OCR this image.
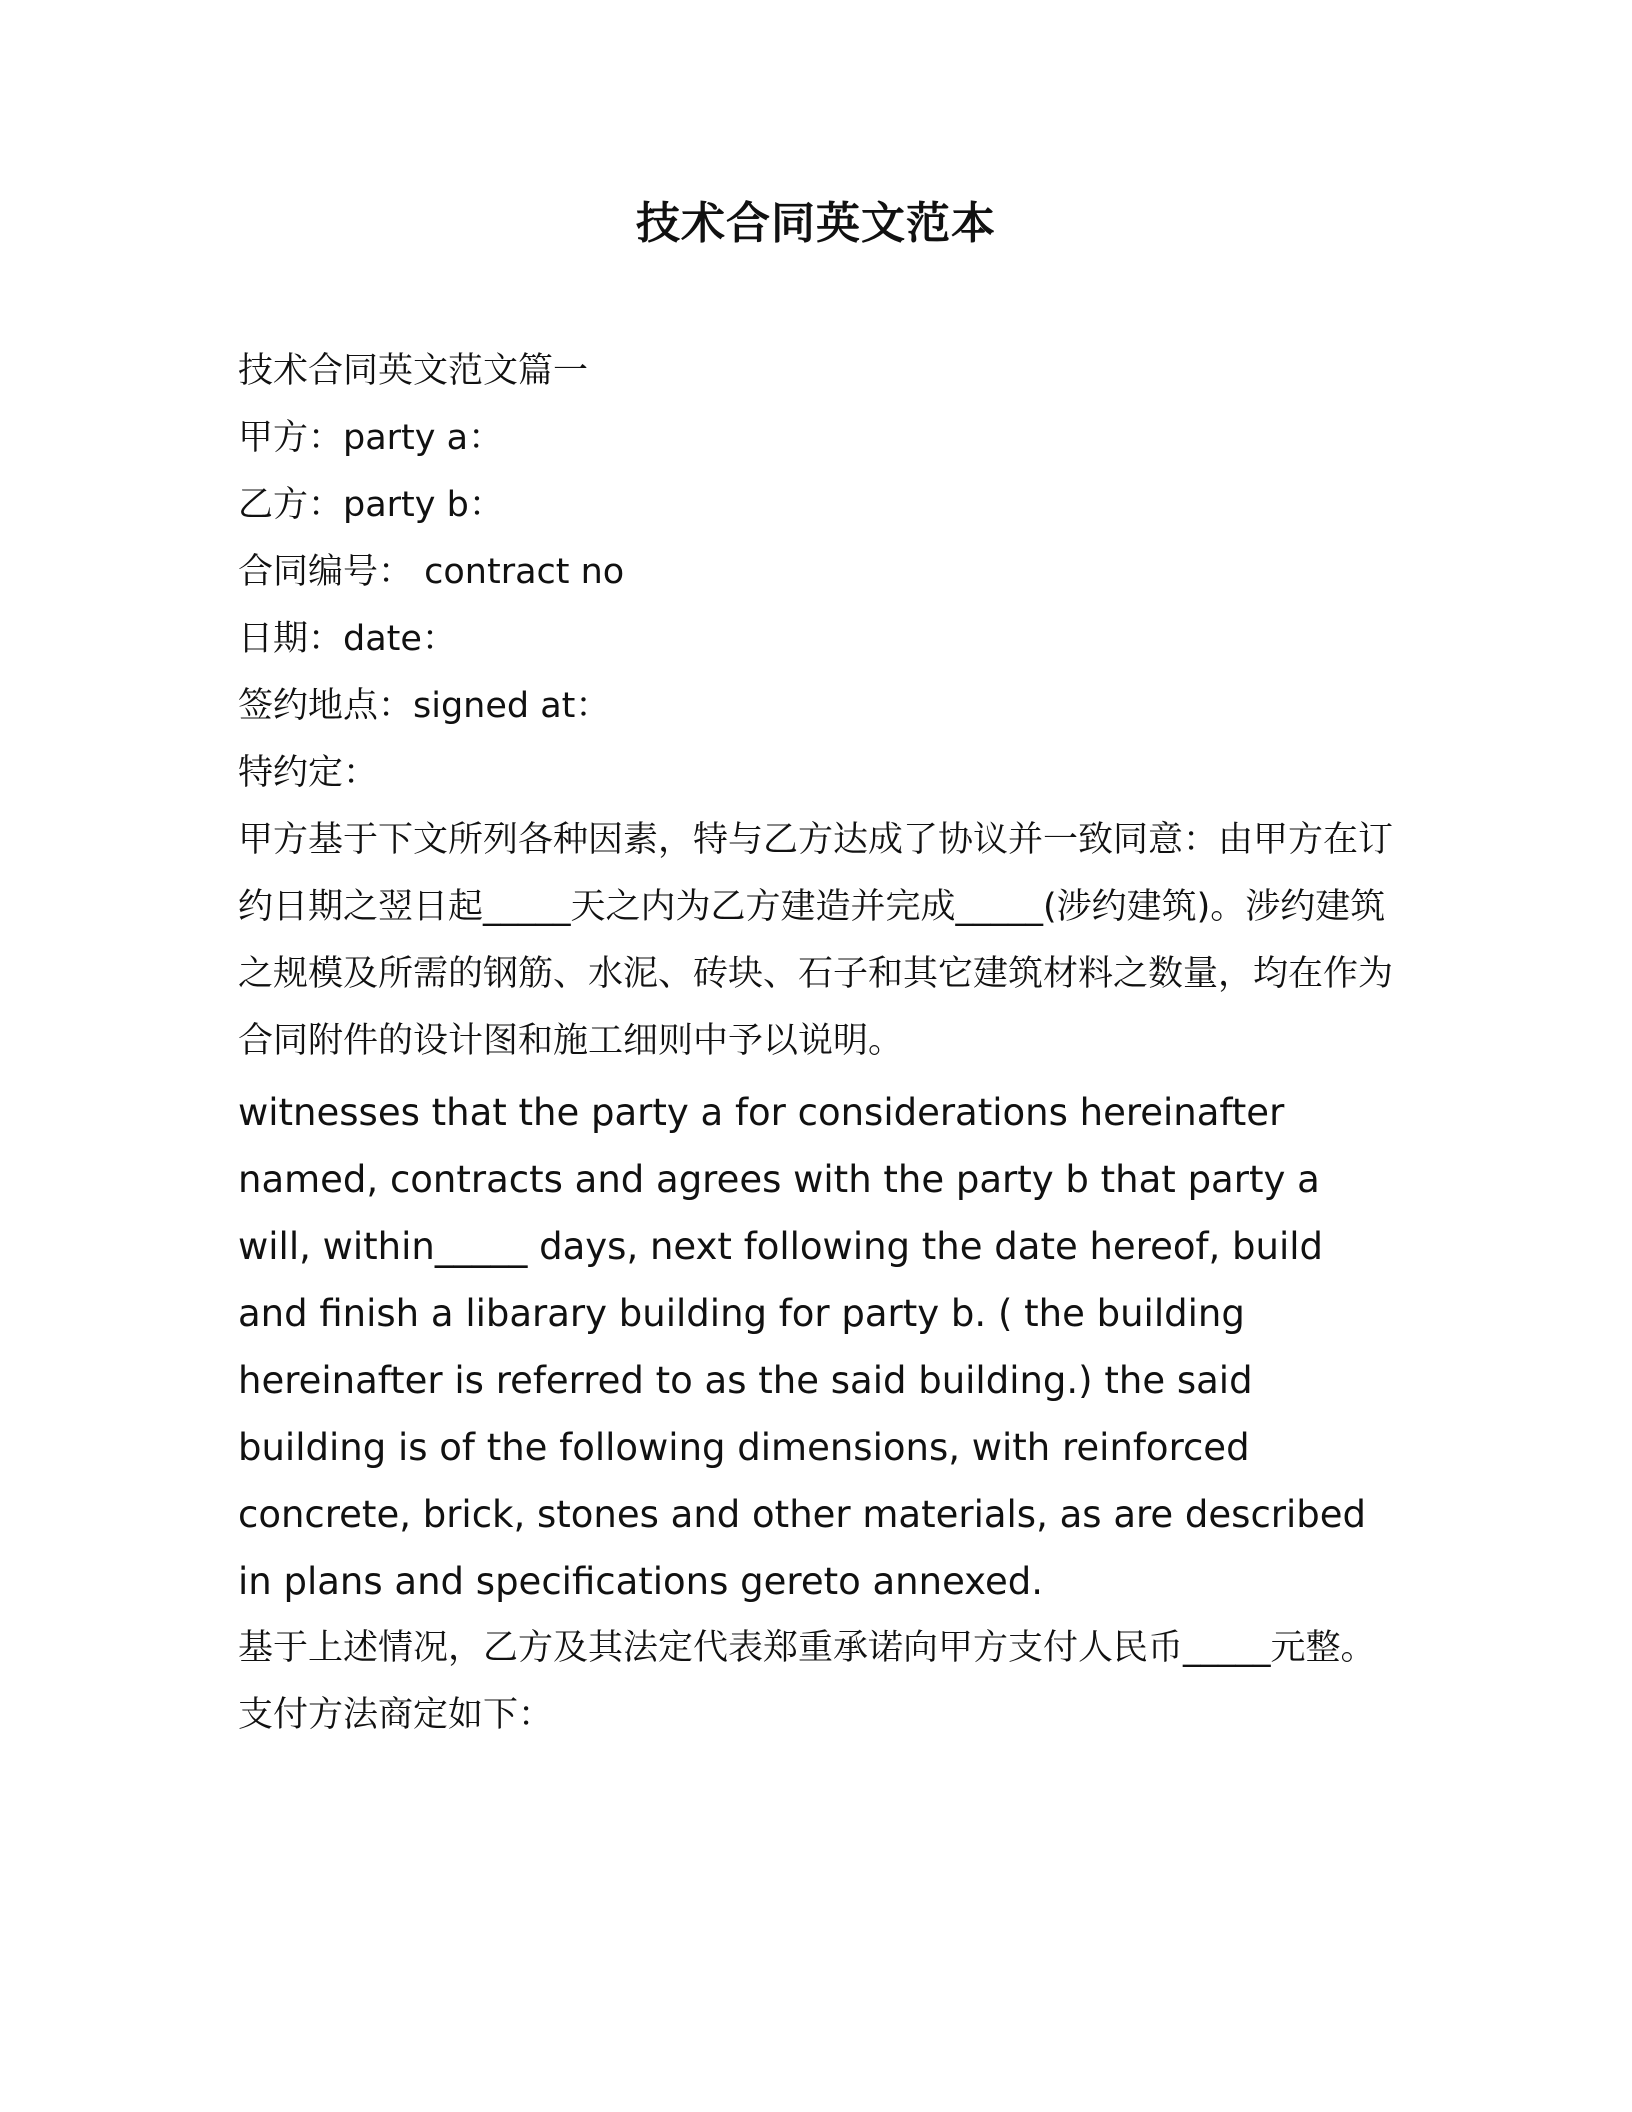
技术合同英文范本
技术合同英文范文篇一
甲方：party a：
乙方：party b：
合同编号： contract no
日期：date：
签约地点：signed at：
特约定：

甲方基于下文所列各种因素，特与乙方达成了协议并一致同意：由甲方在订约日期之翌日起_____天之内为乙方建造并完成_____(涉约建筑)。涉约建筑之规模及所需的钢筋、水泥、砖块、石子和其它建筑材料之数量，均在作为合同附件的设计图和施工细则中予以说明。

witnesses that the party a for considerations hereinafter named, contracts and agrees with the party b that party a will, within_____ days, next following the date hereof, build and finish a libarary building for party b. ( the building hereinafter is referred to as the said building.) the said building is of the following dimensions, with reinforced concrete, brick, stones and other materials, as are described in plans and specifications gereto annexed.

基于上述情况，乙方及其法定代表郑重承诺向甲方支付人民币_____元整。支付方法商定如下：
